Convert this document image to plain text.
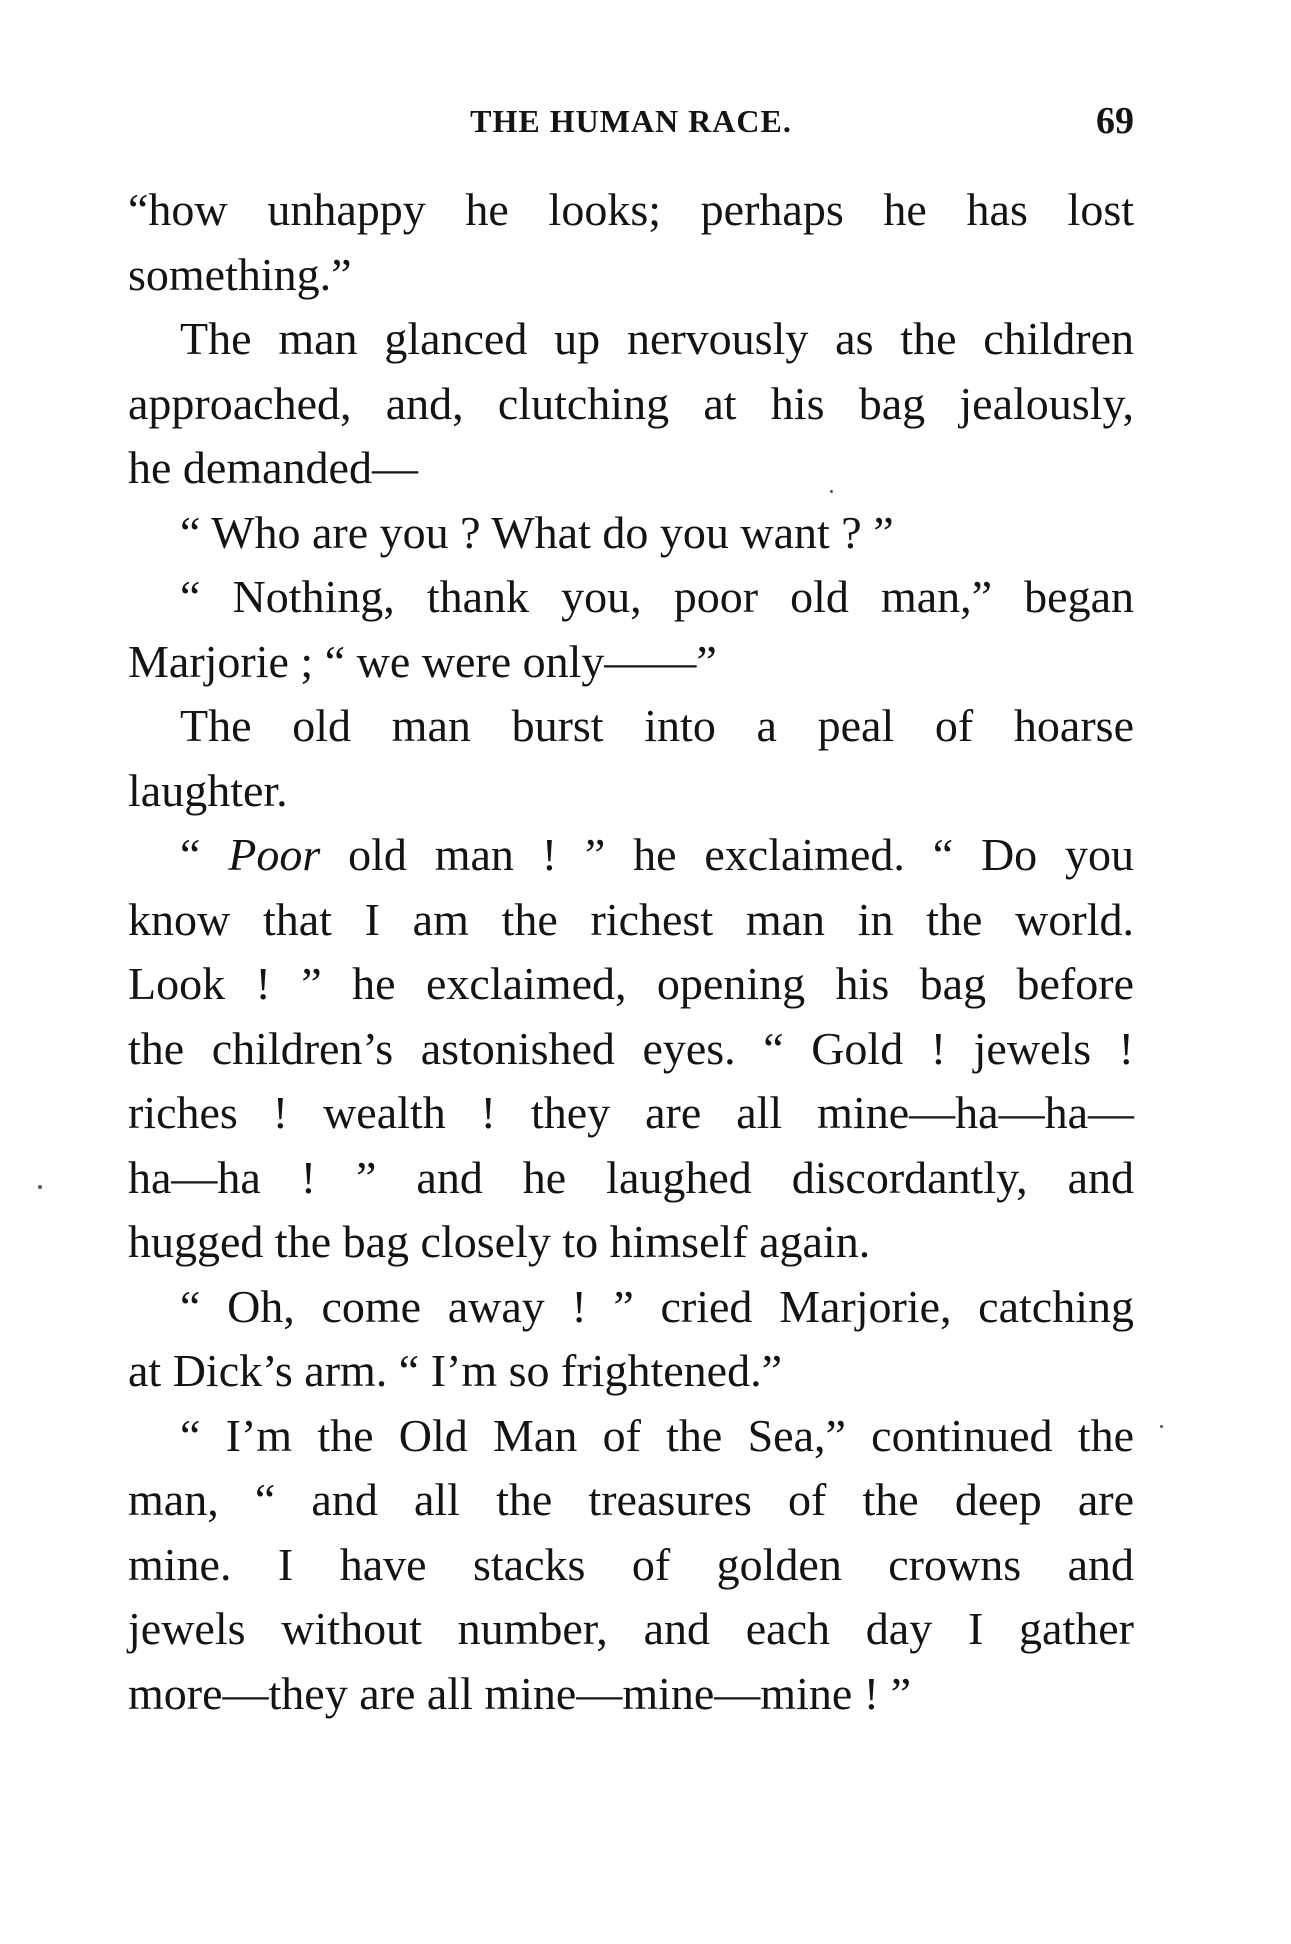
THE HUMAN RACE.	69
“how unhappy he looks; perhaps he has lost
something.”
The man glanced up nervously as the children
approached, and, clutching at his bag jealously,
he demanded—
“ Who are you ? What do you want ? ”
“ Nothing, thank you, poor old man,” began
Marjorie ; “ we were only——”
The old man burst into a peal of hoarse
laughter.
“ Poor old man ! ” he exclaimed. “ Do you
know that I am the richest man in the world.
Look ! ” he exclaimed, opening his bag before
the children’s astonished eyes. “ Gold ! jewels !
riches ! wealth ! they are all mine—ha—ha—
ha—ha ! ” and he laughed discordantly, and
hugged the bag closely to himself again.
“ Oh, come away ! ” cried Marjorie, catching
at Dick’s arm. “ I’m so frightened.”
“ I’m the Old Man of the Sea,” continued the
man, “ and all the treasures of the deep are
mine. I have stacks of golden crowns and
jewels without number, and each day I gather
more—they are all mine—mine—mine ! ”
